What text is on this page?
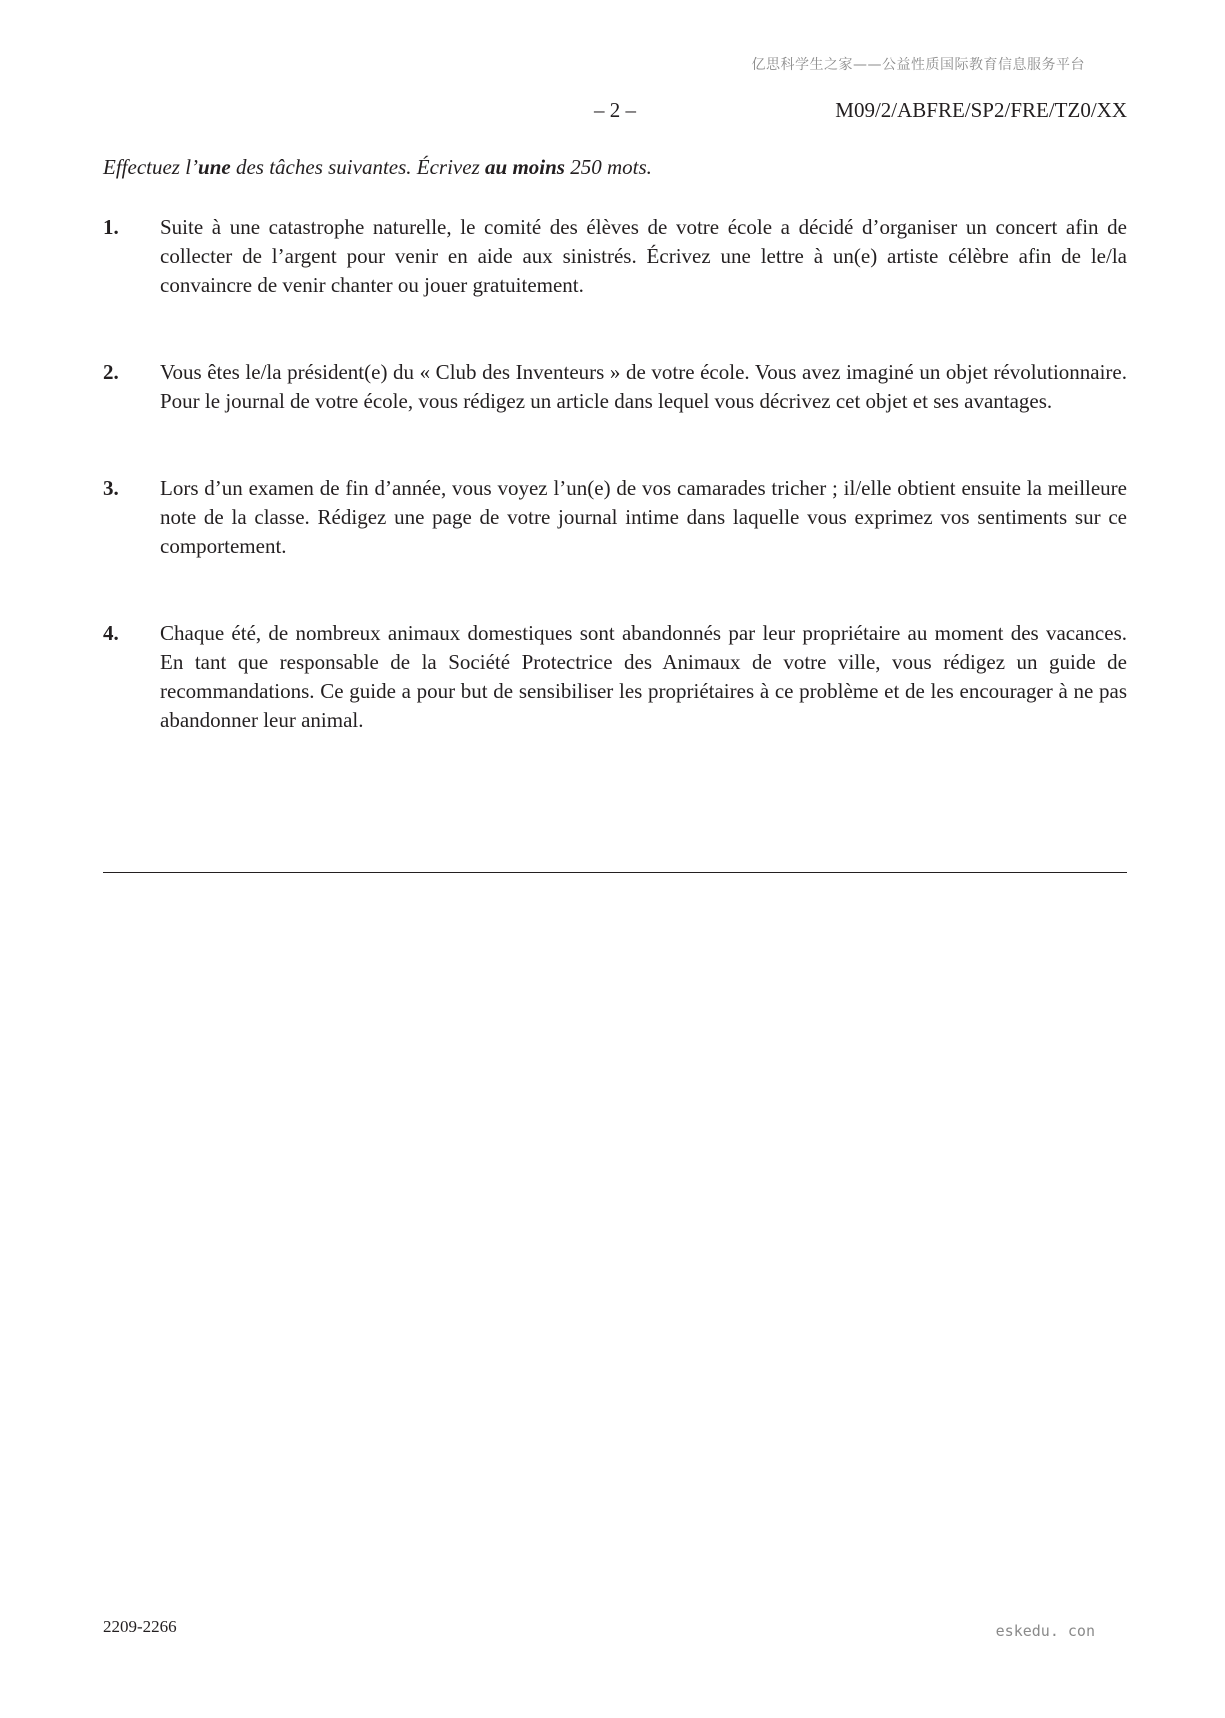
亿思科学生之家——公益性质国际教育信息服务平台
– 2 –	M09/2/ABFRE/SP2/FRE/TZ0/XX
Effectuez l’une des tâches suivantes. Écrivez au moins 250 mots.
1. Suite à une catastrophe naturelle, le comité des élèves de votre école a décidé d’organiser un concert afin de collecter de l’argent pour venir en aide aux sinistrés. Écrivez une lettre à un(e) artiste célèbre afin de le/la convaincre de venir chanter ou jouer gratuitement.
2. Vous êtes le/la président(e) du « Club des Inventeurs » de votre école. Vous avez imaginé un objet révolutionnaire. Pour le journal de votre école, vous rédigez un article dans lequel vous décrivez cet objet et ses avantages.
3. Lors d’un examen de fin d’année, vous voyez l’un(e) de vos camarades tricher ; il/elle obtient ensuite la meilleure note de la classe. Rédigez une page de votre journal intime dans laquelle vous exprimez vos sentiments sur ce comportement.
4. Chaque été, de nombreux animaux domestiques sont abandonnés par leur propriétaire au moment des vacances. En tant que responsable de la Société Protectrice des Animaux de votre ville, vous rédigez un guide de recommandations. Ce guide a pour but de sensibiliser les propriétaires à ce problème et de les encourager à ne pas abandonner leur animal.
2209-2266	eskedu. con
